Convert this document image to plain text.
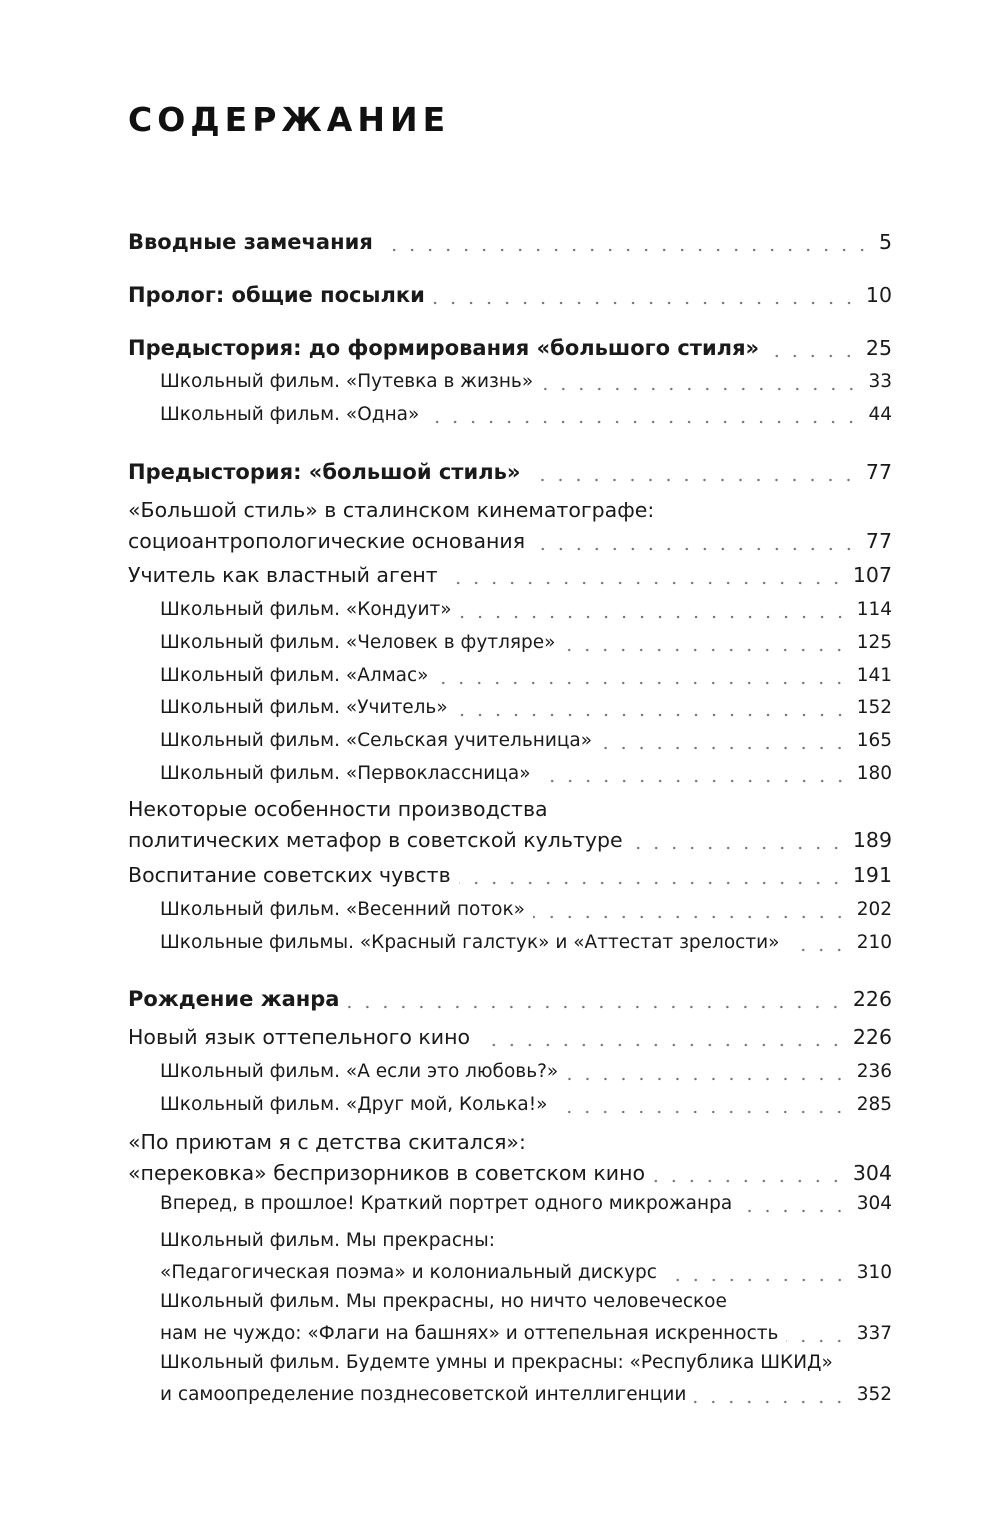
СОДЕРЖАНИЕ
Вводные замечания	5
Пролог: общие посылки	10
Предыстория: до формирования «большого стиля»	25
Школьный фильм. «Путевка в жизнь»	33
Школьный фильм. «Одна»	44
Предыстория: «большой стиль»	77
«Большой стиль» в сталинском кинематографе:
социоантропологические основания	77
Учитель как властный агент	107
Школьный фильм. «Кондуит»	114
Школьный фильм. «Человек в футляре»	125
Школьный фильм. «Алмас»	141
Школьный фильм. «Учитель»	152
Школьный фильм. «Сельская учительница»	165
Школьный фильм. «Первоклассница»	180
Некоторые особенности производства
политических метафор в советской культуре	189
Воспитание советских чувств	191
Школьный фильм. «Весенний поток»	202
Школьные фильмы. «Красный галстук» и «Аттестат зрелости»	210
Рождение жанра	226
Новый язык оттепельного кино	226
Школьный фильм. «А если это любовь?»	236
Школьный фильм. «Друг мой, Колька!»	285
«По приютам я с детства скитался»:
«перековка» беспризорников в советском кино	304
Вперед, в прошлое! Краткий портрет одного микрожанра	304
Школьный фильм. Мы прекрасны:
«Педагогическая поэма» и колониальный дискурс	310
Школьный фильм. Мы прекрасны, но ничто человеческое
нам не чуждо: «Флаги на башнях» и оттепельная искренность	337
Школьный фильм. Будемте умны и прекрасны: «Республика ШКИД»
и самоопределение позднесоветской интеллигенции	352
